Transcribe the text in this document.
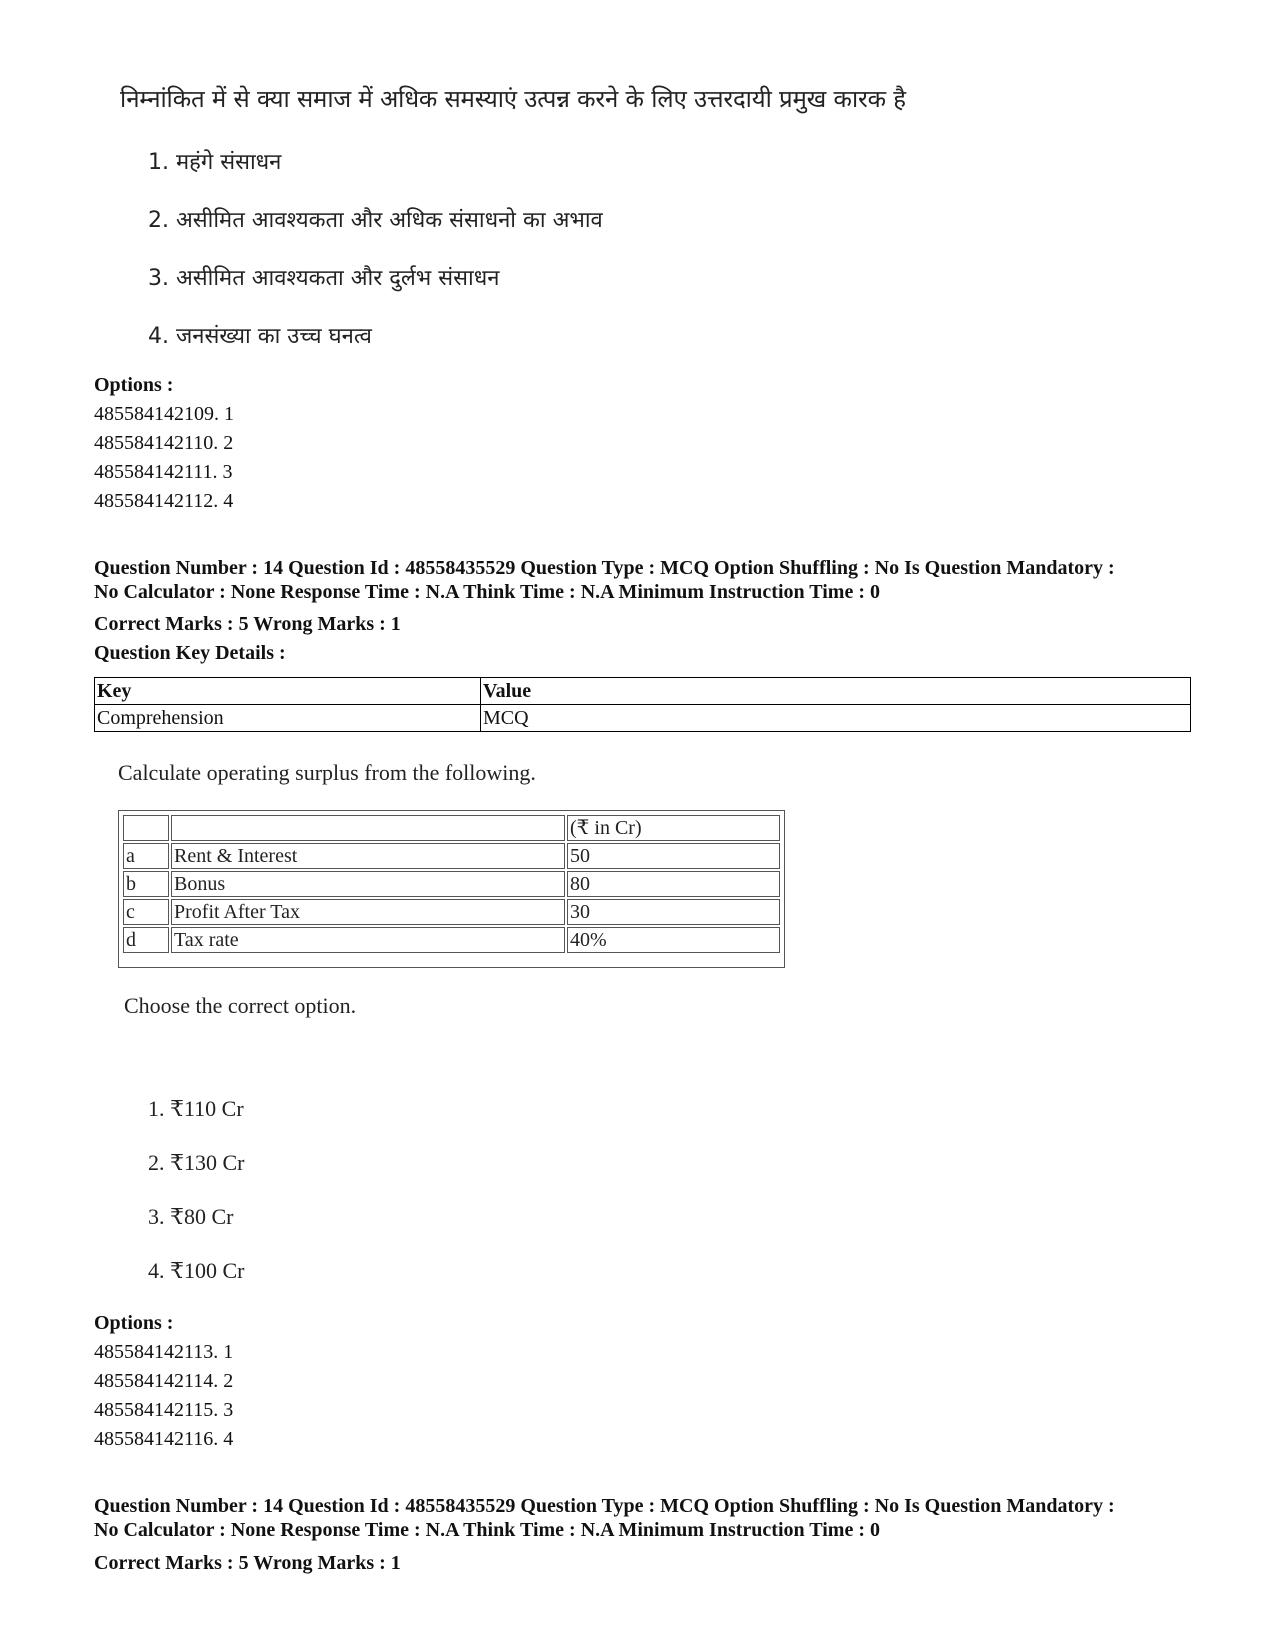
निम्नांकित में से क्या समाज में अधिक समस्याएं उत्पन्न करने के लिए उत्तरदायी प्रमुख कारक है
1. महंगे संसाधन
2. असीमित आवश्यकता और अधिक संसाधनो का अभाव
3. असीमित आवश्यकता और दुर्लभ संसाधन
4. जनसंख्या का उच्च घनत्व
Options :
485584142109. 1
485584142110. 2
485584142111. 3
485584142112. 4
Question Number : 14 Question Id : 48558435529 Question Type : MCQ Option Shuffling : No Is Question Mandatory :
No Calculator : None Response Time : N.A Think Time : N.A Minimum Instruction Time : 0
Correct Marks : 5 Wrong Marks : 1
Question Key Details :
Key	Value
Comprehension	MCQ
Calculate operating surplus from the following.
		(₹ in Cr)
a	Rent & Interest	50
b	Bonus	80
c	Profit After Tax	30
d	Tax rate	40%
Choose the correct option.
1. ₹110 Cr
2. ₹130 Cr
3. ₹80 Cr
4. ₹100 Cr
Options :
485584142113. 1
485584142114. 2
485584142115. 3
485584142116. 4
Question Number : 14 Question Id : 48558435529 Question Type : MCQ Option Shuffling : No Is Question Mandatory :
No Calculator : None Response Time : N.A Think Time : N.A Minimum Instruction Time : 0
Correct Marks : 5 Wrong Marks : 1
